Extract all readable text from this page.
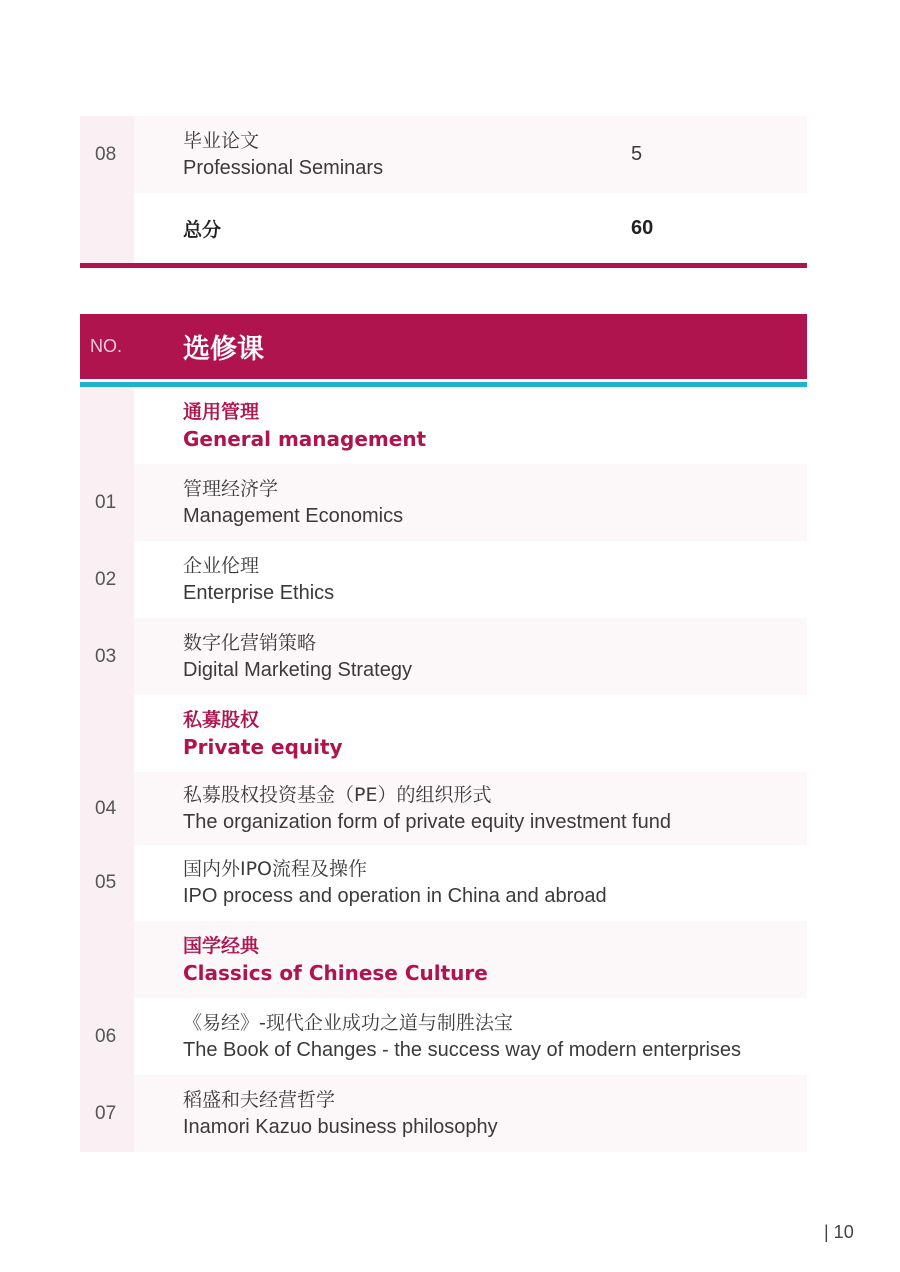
08
毕业论文
Professional Seminars
5
总分	60
NO.	选修课
通用管理
General management
01
管理经济学
Management Economics
02
企业伦理
Enterprise Ethics
03
数字化营销策略
Digital Marketing Strategy
私募股权
Private equity
04
私募股权投资基金（PE）的组织形式
The organization form of private equity investment fund
05
国内外IPO流程及操作
IPO process and operation in China and abroad
国学经典
Classics of Chinese Culture
06
《易经》-现代企业成功之道与制胜法宝
The Book of Changes - the success way of modern enterprises
07
稻盛和夫经营哲学
Inamori Kazuo business philosophy
| 10
